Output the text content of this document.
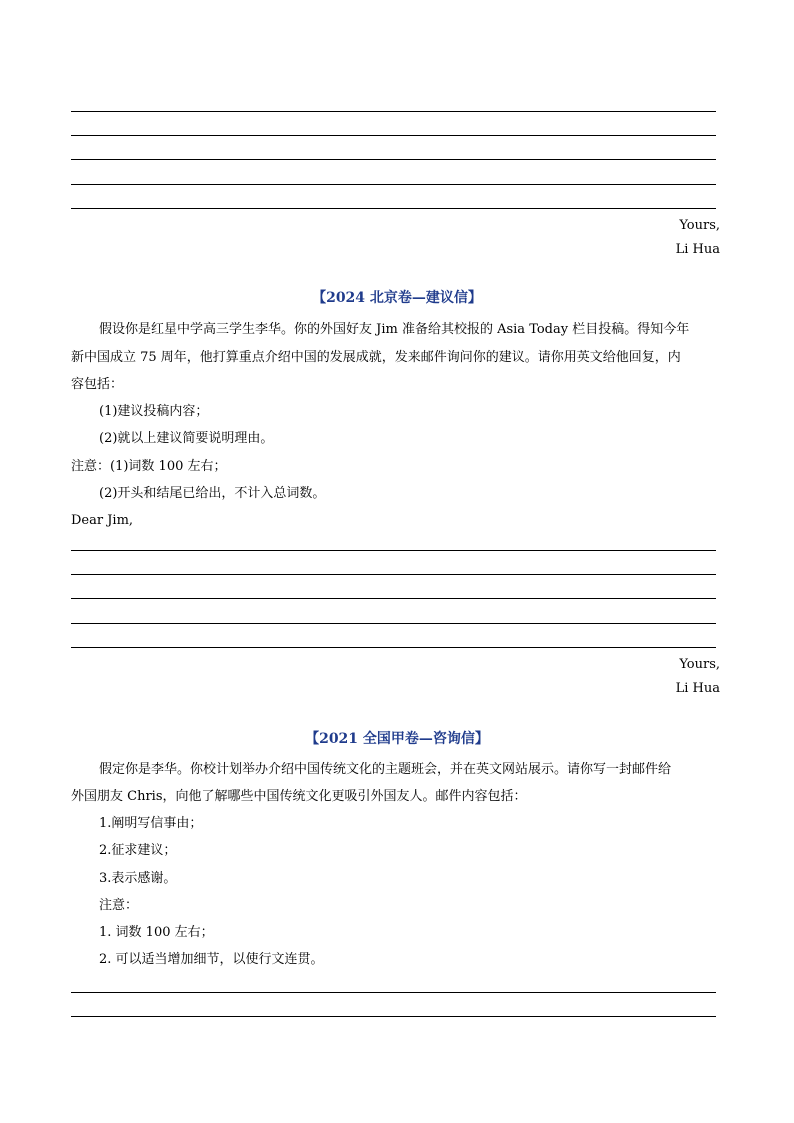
Yours,
Li Hua
【2024 北京卷—建议信】
假设你是红星中学高三学生李华。你的外国好友 Jim 准备给其校报的 Asia Today 栏目投稿。得知今年
新中国成立 75 周年，他打算重点介绍中国的发展成就，发来邮件询问你的建议。请你用英文给他回复，内
容包括：
(1)建议投稿内容；
(2)就以上建议简要说明理由。
注意：(1)词数 100 左右；
(2)开头和结尾已给出，不计入总词数。
Dear Jim,
Yours,
Li Hua
【2021 全国甲卷—咨询信】
假定你是李华。你校计划举办介绍中国传统文化的主题班会，并在英文网站展示。请你写一封邮件给
外国朋友 Chris，向他了解哪些中国传统文化更吸引外国友人。邮件内容包括：
1.阐明写信事由；
2.征求建议；
3.表示感谢。
注意：
1. 词数 100 左右；
2. 可以适当增加细节，以使行文连贯。
